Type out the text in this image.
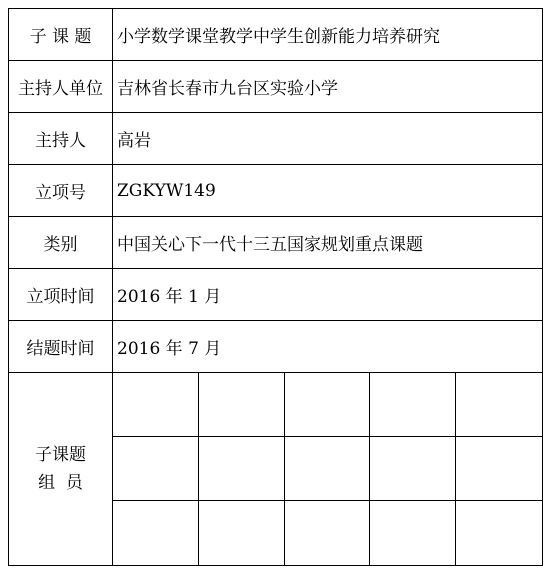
子 课 题	小学数学课堂教学中学生创新能力培养研究
主持人单位	吉林省长春市九台区实验小学
主持人	高岩
立项号	ZGKYW149
类别	中国关心下一代十三五国家规划重点课题
立项时间	2016 年 1 月
结题时间	2016 年 7 月

子课题
组  员	
